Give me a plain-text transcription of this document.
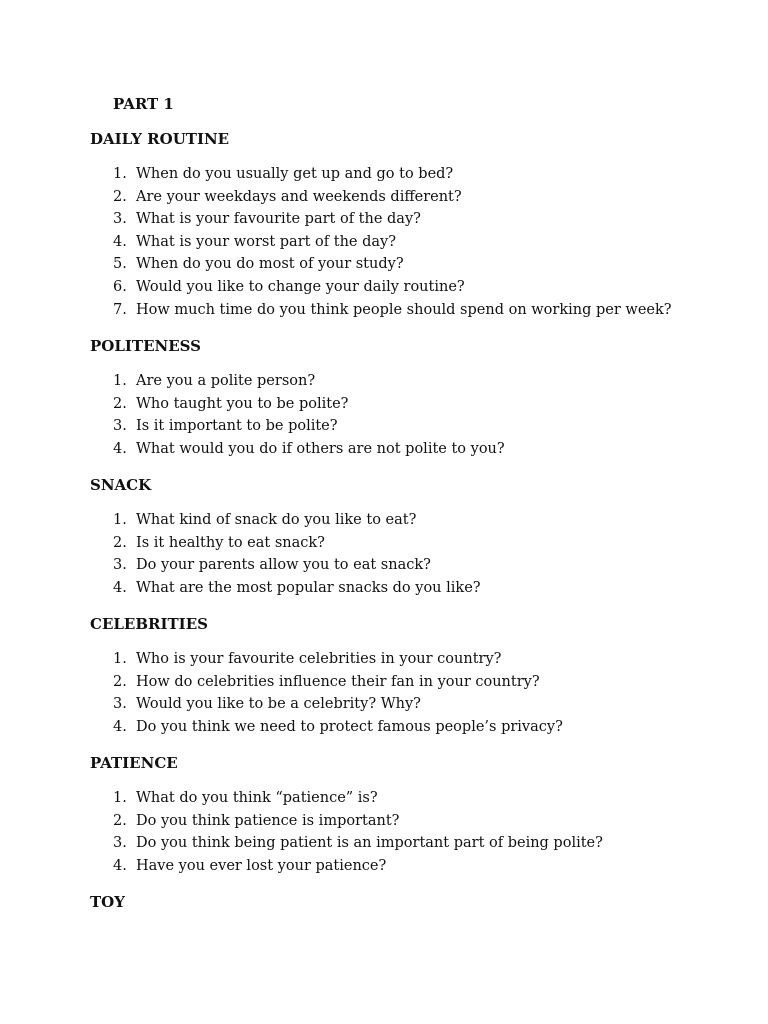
PART 1
DAILY ROUTINE
1. When do you usually get up and go to bed?
2. Are your weekdays and weekends different?
3. What is your favourite part of the day?
4. What is your worst part of the day?
5. When do you do most of your study?
6. Would you like to change your daily routine?
7. How much time do you think people should spend on working per week?
POLITENESS
1. Are you a polite person?
2. Who taught you to be polite?
3. Is it important to be polite?
4. What would you do if others are not polite to you?
SNACK
1. What kind of snack do you like to eat?
2. Is it healthy to eat snack?
3. Do your parents allow you to eat snack?
4. What are the most popular snacks do you like?
CELEBRITIES
1. Who is your favourite celebrities in your country?
2. How do celebrities influence their fan in your country?
3. Would you like to be a celebrity? Why?
4. Do you think we need to protect famous people’s privacy?
PATIENCE
1. What do you think “patience” is?
2. Do you think patience is important?
3. Do you think being patient is an important part of being polite?
4. Have you ever lost your patience?
TOY
